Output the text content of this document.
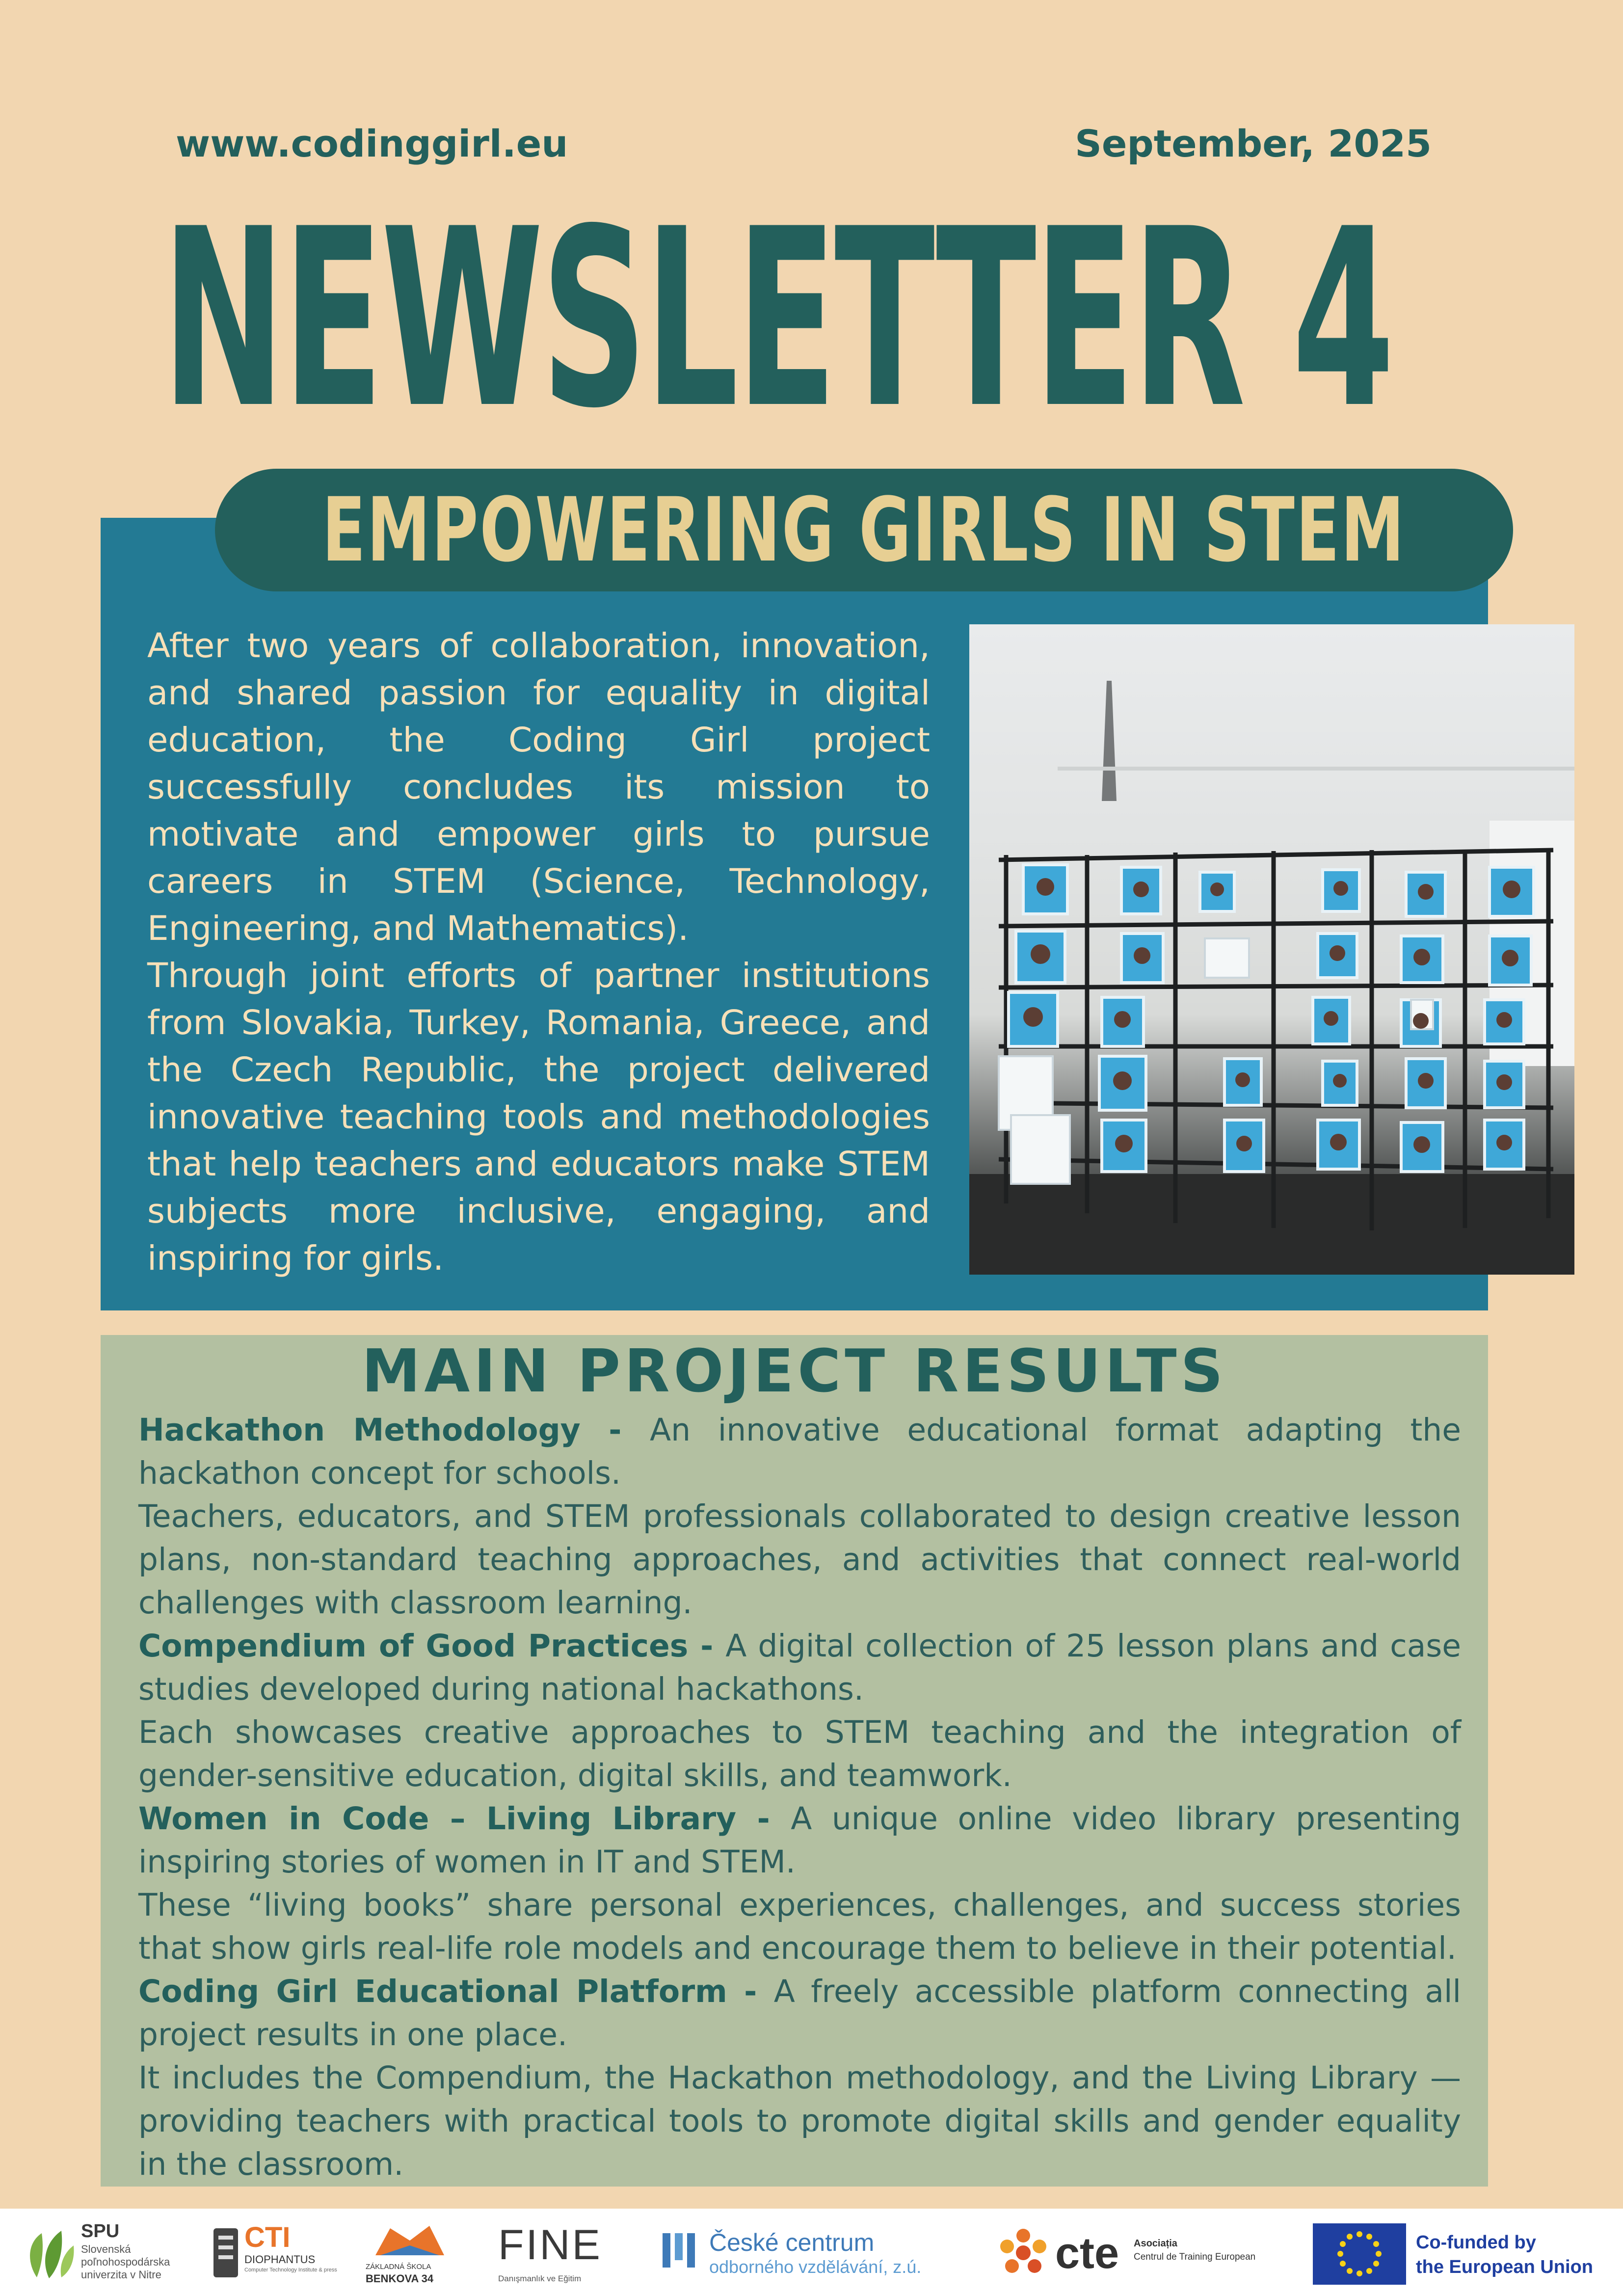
www.codinggirl.eu	September, 2025
NEWSLETTER 4
EMPOWERING GIRLS IN STEM

After two years of collaboration, innovation, and shared passion for equality in digital education, the Coding Girl project successfully concludes its mission to motivate and empower girls to pursue careers in STEM (Science, Technology, Engineering, and Mathematics).

Through joint efforts of partner institutions from Slovakia, Turkey, Romania, Greece, and the Czech Republic, the project delivered innovative teaching tools and methodologies that help teachers and educators make STEM subjects more inclusive, engaging, and inspiring for girls.

MAIN PROJECT RESULTS

Hackathon Methodology - An innovative educational format adapting the hackathon concept for schools.

Teachers, educators, and STEM professionals collaborated to design creative lesson plans, non-standard teaching approaches, and activities that connect real-world challenges with classroom learning.

Compendium of Good Practices - A digital collection of 25 lesson plans and case studies developed during national hackathons.

Each showcases creative approaches to STEM teaching and the integration of gender-sensitive education, digital skills, and teamwork.

Women in Code – Living Library - A unique online video library presenting inspiring stories of women in IT and STEM.

These “living books” share personal experiences, challenges, and success stories that show girls real-life role models and encourage them to believe in their potential.

Coding Girl Educational Platform - A freely accessible platform connecting all project results in one place.

It includes the Compendium, the Hackathon methodology, and the Living Library — providing teachers with practical tools to promote digital skills and gender equality in the classroom.

SPU
Slovenská
poľnohospodárska
univerzita v Nitre
CTI
DIOPHANTUS
Computer Technology Institute & press	ZÁKLADNÁ ŠKOLA
BENKOVA 34
FINE
Danışmanlık ve Eğitim
České centrum
odborného vzdělávání, z.ú.	cte Asociația
Centrul de Training European
Co-funded by
the European Union
